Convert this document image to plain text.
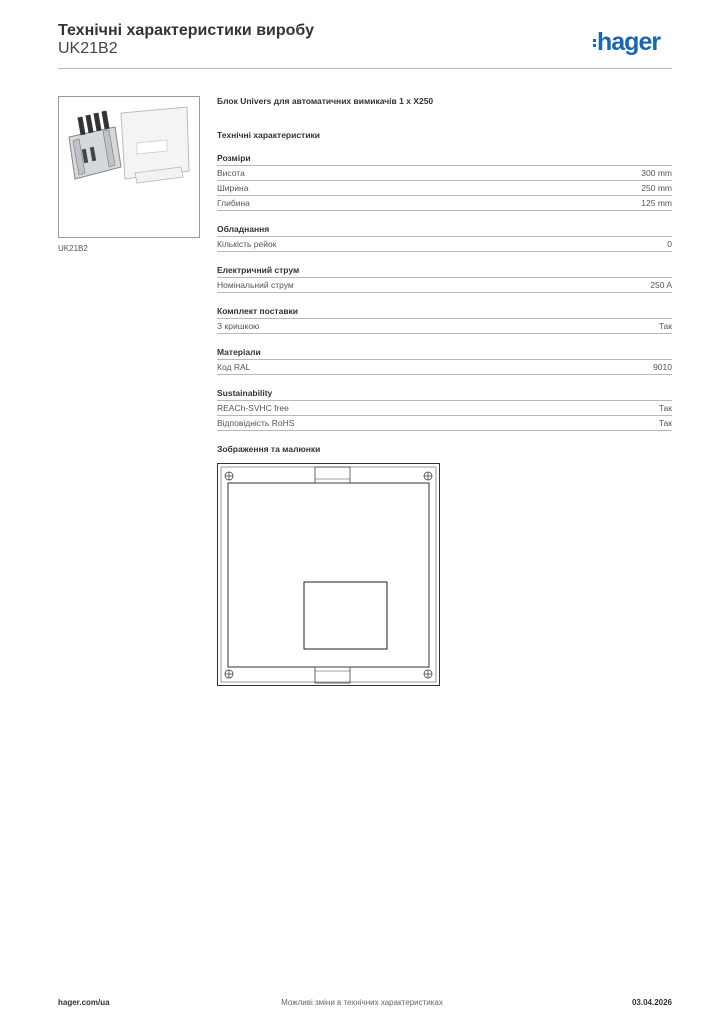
Технічні характеристики виробу
UK21B2	hager
UK21B2
Блок Univers для автоматичних вимикачів 1 x X250
Технічні характеристики
Розміри
Висота	300 mm
Ширина	250 mm
Глибина	125 mm
Обладнання
Кількість рейок	0
Електричний струм
Номінальний струм	250 A
Комплект поставки
З кришкою	Так
Матеріали
Код RAL	9010
Sustainability
REACh-SVHC free	Так
Відповідність RoHS	Так
Зображення та малюнки
hager.com/ua	Можливі зміни в технічних характеристиках	03.04.2026
